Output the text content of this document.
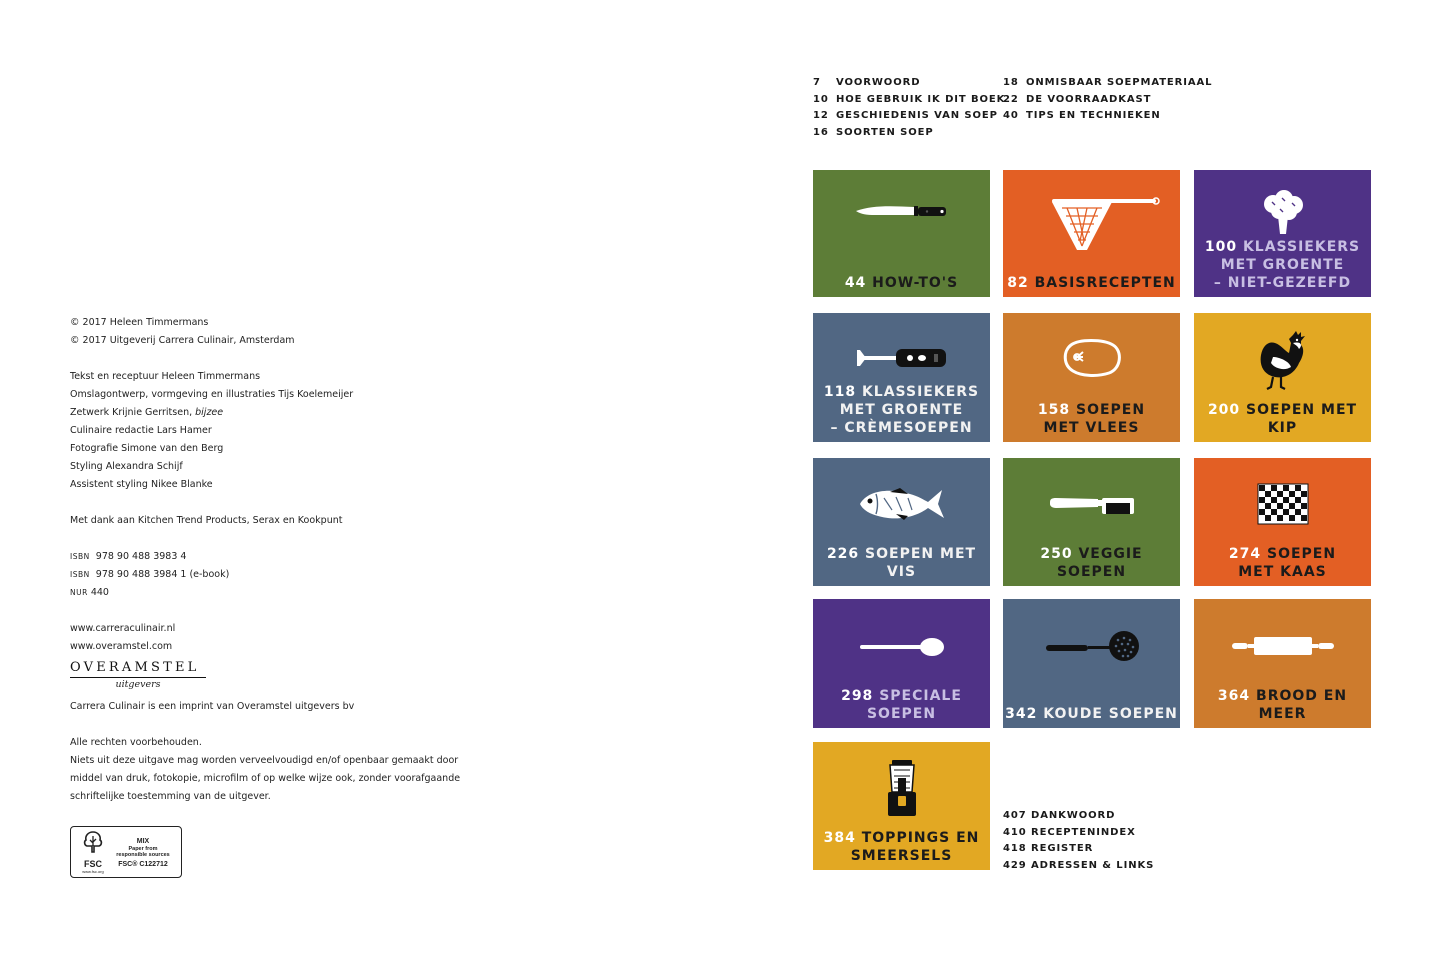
© 2017 Heleen Timmermans
© 2017 Uitgeverij Carrera Culinair, Amsterdam
Tekst en receptuur Heleen Timmermans
Omslagontwerp, vormgeving en illustraties Tijs Koelemeijer
Zetwerk Krijnie Gerritsen, bijzee
Culinaire redactie Lars Hamer
Fotografie Simone van den Berg
Styling Alexandra Schijf
Assistent styling Nikee Blanke
Met dank aan Kitchen Trend Products, Serax en Kookpunt
ISBN 978 90 488 3983 4
ISBN 978 90 488 3984 1 (e-book)
NUR 440
www.carreraculinair.nl
www.overamstel.com
OVERAMSTEL
uitgevers
Carrera Culinair is een imprint van Overamstel uitgevers bv
Alle rechten voorbehouden.
Niets uit deze uitgave mag worden verveelvoudigd en/of openbaar gemaakt door
middel van druk, fotokopie, microfilm of op welke wijze ook, zonder voorafgaande
schriftelijke toestemming van de uitgever.
FSC
www.fsc.org
MIX
Paper from
responsible sources
FSC® C122712
7	VOORWOORD
10 HOE GEBRUIK IK DIT BOEK
12 GESCHIEDENIS VAN SOEP
16 SOORTEN SOEP
18 ONMISBAAR SOEPMATERIAAL
22 DE VOORRAADKAST
40 TIPS EN TECHNIEKEN
407 DANKWOORD
410 RECEPTENINDEX
418 REGISTER
429 ADRESSEN & LINKS
44 HOW-TO'S	82 BASISRECEPTEN
100 KLASSIEKERS
MET GROENTE
– NIET-GEZEEFD
118 KLASSIEKERS
MET GROENTE
– CRÈMESOEPEN
158 SOEPEN
MET VLEES
200 SOEPEN MET KIP
226 SOEPEN MET VIS
250 VEGGIE SOEPEN
274 SOEPEN
MET KAAS
298 SPECIALE
SOEPEN	342 KOUDE SOEPEN
364 BROOD EN MEER
384 TOPPINGS EN
SMEERSELS
